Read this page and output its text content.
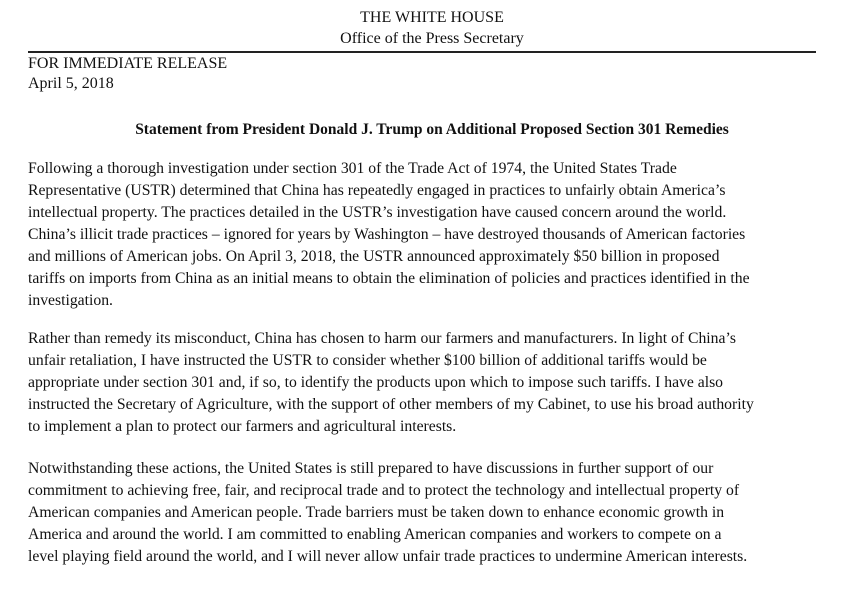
THE WHITE HOUSE
Office of the Press Secretary
FOR IMMEDIATE RELEASE
April 5, 2018
Statement from President Donald J. Trump on Additional Proposed Section 301 Remedies

Following a thorough investigation under section 301 of the Trade Act of 1974, the United States Trade

Representative (USTR) determined that China has repeatedly engaged in practices to unfairly obtain America’s

intellectual property. The practices detailed in the USTR’s investigation have caused concern around the world.

China’s illicit trade practices – ignored for years by Washington – have destroyed thousands of American factories

and millions of American jobs. On April 3, 2018, the USTR announced approximately $50 billion in proposed

tariffs on imports from China as an initial means to obtain the elimination of policies and practices identified in the

investigation.

Rather than remedy its misconduct, China has chosen to harm our farmers and manufacturers. In light of China’s

unfair retaliation, I have instructed the USTR to consider whether $100 billion of additional tariffs would be

appropriate under section 301 and, if so, to identify the products upon which to impose such tariffs. I have also

instructed the Secretary of Agriculture, with the support of other members of my Cabinet, to use his broad authority

to implement a plan to protect our farmers and agricultural interests.

Notwithstanding these actions, the United States is still prepared to have discussions in further support of our

commitment to achieving free, fair, and reciprocal trade and to protect the technology and intellectual property of

American companies and American people. Trade barriers must be taken down to enhance economic growth in

America and around the world. I am committed to enabling American companies and workers to compete on a

level playing field around the world, and I will never allow unfair trade practices to undermine American interests.
